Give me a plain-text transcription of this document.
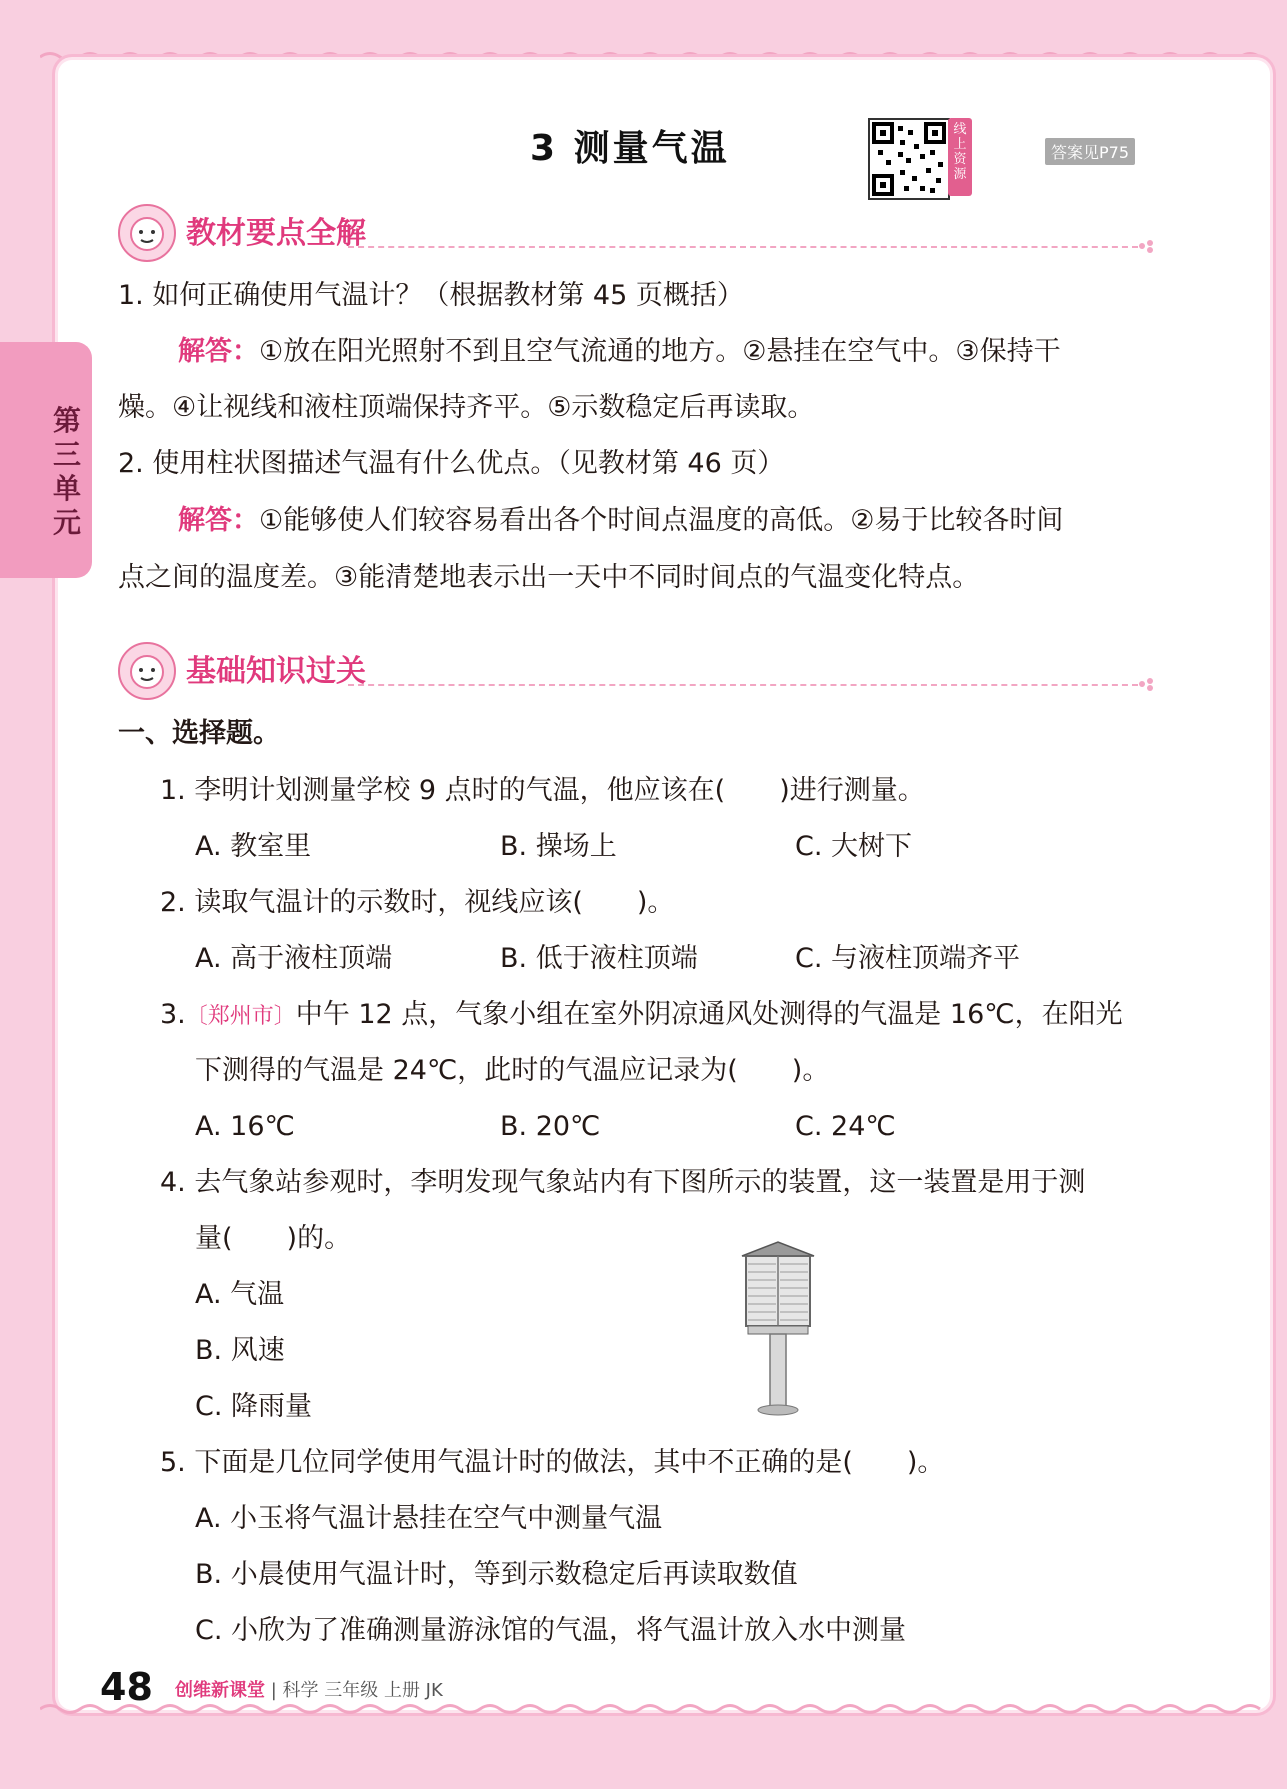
第三单元
3 测量气温	线上资源
答案见P75
教材要点全解
1. 如何正确使用气温计？（根据教材第 45 页概括）
解答：①放在阳光照射不到且空气流通的地方。②悬挂在空气中。③保持干
燥。④让视线和液柱顶端保持齐平。⑤示数稳定后再读取。
2. 使用柱状图描述气温有什么优点。（见教材第 46 页）
解答：①能够使人们较容易看出各个时间点温度的高低。②易于比较各时间
点之间的温度差。③能清楚地表示出一天中不同时间点的气温变化特点。
基础知识过关
一、选择题。
1. 李明计划测量学校 9 点时的气温，他应该在(　　)进行测量。
A. 教室里	B. 操场上	C. 大树下
2. 读取气温计的示数时，视线应该(　　)。
A. 高于液柱顶端	B. 低于液柱顶端	C. 与液柱顶端齐平
3.〔郑州市〕中午 12 点，气象小组在室外阴凉通风处测得的气温是 16℃，在阳光
下测得的气温是 24℃，此时的气温应记录为(　　)。
A. 16℃	B. 20℃	C. 24℃
4. 去气象站参观时，李明发现气象站内有下图所示的装置，这一装置是用于测
量(　　)的。
A. 气温
B. 风速
C. 降雨量
5. 下面是几位同学使用气温计时的做法，其中不正确的是(　　)。
A. 小玉将气温计悬挂在空气中测量气温
B. 小晨使用气温计时，等到示数稳定后再读取数值
C. 小欣为了准确测量游泳馆的气温，将气温计放入水中测量
48 创维新课堂 | 科学 三年级 上册 JK
